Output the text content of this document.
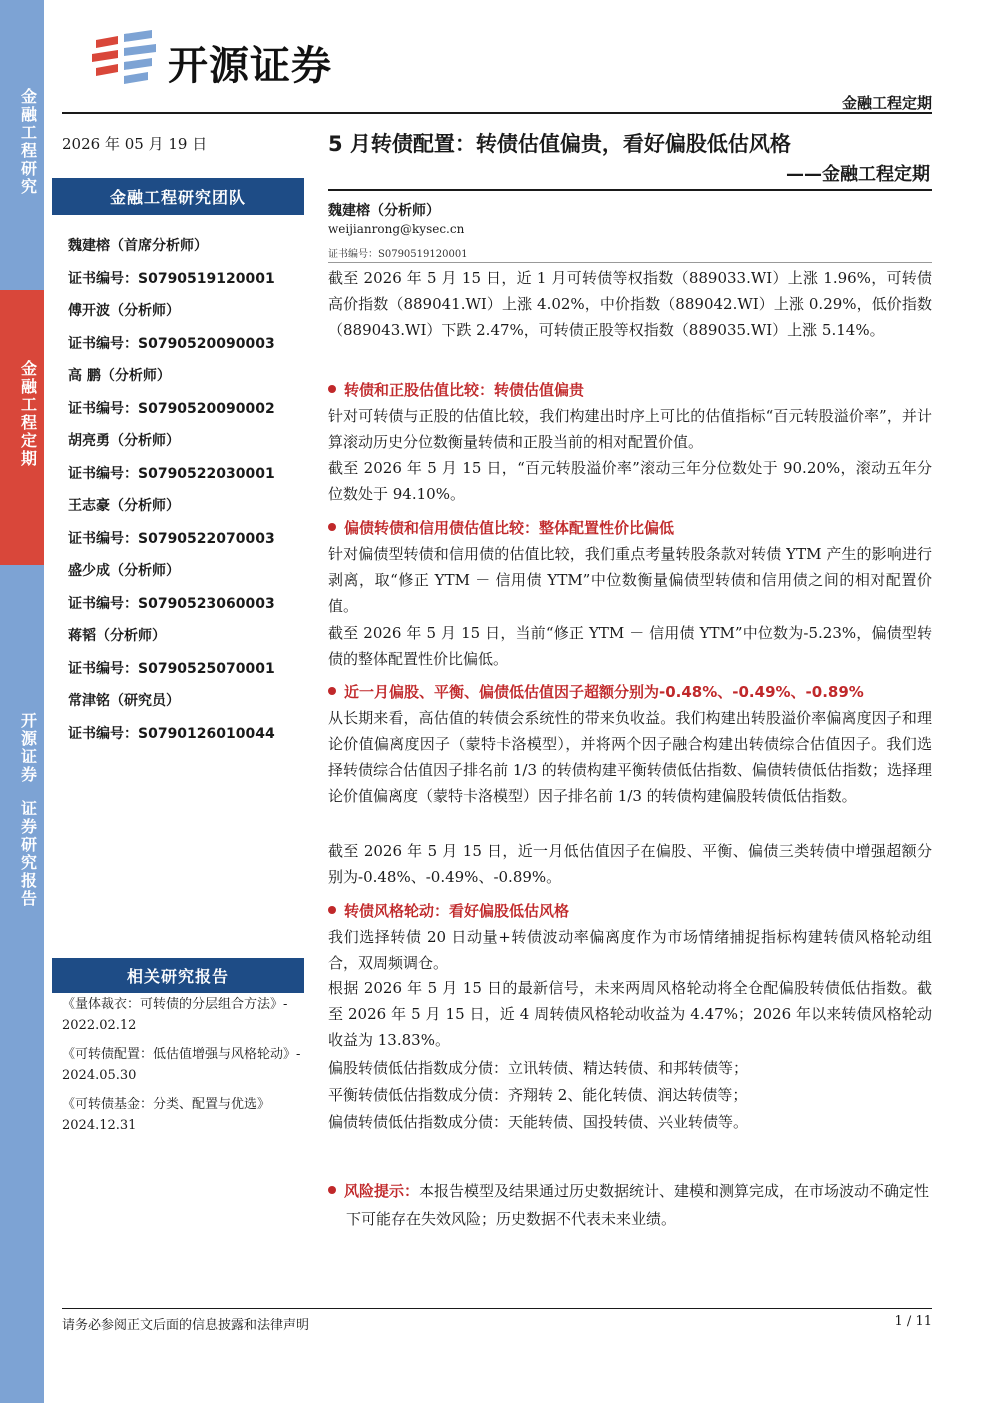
金融工程研究
金融工程定期
开源证券
证券研究报告
开源证券
金融工程定期
2026 年 05 月 19 日
金融工程研究团队
魏建榕（首席分析师）
证书编号：S0790519120001
傅开波（分析师）
证书编号：S0790520090003
高 鹏（分析师）
证书编号：S0790520090002
胡亮勇（分析师）
证书编号：S0790522030001
王志豪（分析师）
证书编号：S0790522070003
盛少成（分析师）
证书编号：S0790523060003
蒋韬（分析师）
证书编号：S0790525070001
常津铭（研究员）
证书编号：S0790126010044
相关研究报告
《量体裁衣：可转债的分层组合方法》- 2022.02.12
《可转债配置：低估值增强与风格轮动》- 2024.05.30
《可转债基金：分类、配置与优选》 2024.12.31
5 月转债配置：转债估值偏贵，看好偏股低估风格
——金融工程定期
魏建榕（分析师）
weijianrong@kysec.cn
证书编号：S0790519120001
截至 2026 年 5 月 15 日，近 1 月可转债等权指数（889033.WI）上涨 1.96%，可转债高价指数（889041.WI）上涨 4.02%，中价指数（889042.WI）上涨 0.29%，低价指数（889043.WI）下跌 2.47%，可转债正股等权指数（889035.WI）上涨 5.14%。
转债和正股估值比较：转债估值偏贵
针对可转债与正股的估值比较，我们构建出时序上可比的估值指标“百元转股溢价率”，并计算滚动历史分位数衡量转债和正股当前的相对配置价值。
截至 2026 年 5 月 15 日，“百元转股溢价率”滚动三年分位数处于 90.20%，滚动五年分位数处于 94.10%。
偏债转债和信用债估值比较：整体配置性价比偏低
针对偏债型转债和信用债的估值比较，我们重点考量转股条款对转债 YTM 产生的影响进行剥离，取“修正 YTM － 信用债 YTM”中位数衡量偏债型转债和信用债之间的相对配置价值。
截至 2026 年 5 月 15 日，当前“修正 YTM － 信用债 YTM”中位数为-5.23%，偏债型转债的整体配置性价比偏低。
近一月偏股、平衡、偏债低估值因子超额分别为-0.48%、-0.49%、-0.89%
从长期来看，高估值的转债会系统性的带来负收益。我们构建出转股溢价率偏离度因子和理论价值偏离度因子（蒙特卡洛模型），并将两个因子融合构建出转债综合估值因子。我们选择转债综合估值因子排名前 1/3 的转债构建平衡转债低估指数、偏债转债低估指数；选择理论价值偏离度（蒙特卡洛模型）因子排名前 1/3 的转债构建偏股转债低估指数。
截至 2026 年 5 月 15 日，近一月低估值因子在偏股、平衡、偏债三类转债中增强超额分别为-0.48%、-0.49%、-0.89%。
转债风格轮动：看好偏股低估风格
我们选择转债 20 日动量+转债波动率偏离度作为市场情绪捕捉指标构建转债风格轮动组合，双周频调仓。
根据 2026 年 5 月 15 日的最新信号，未来两周风格轮动将全仓配偏股转债低估指数。截至 2026 年 5 月 15 日，近 4 周转债风格轮动收益为 4.47%；2026 年以来转债风格轮动收益为 13.83%。
偏股转债低估指数成分债：立讯转债、精达转债、和邦转债等；
平衡转债低估指数成分债：齐翔转 2、能化转债、润达转债等；
偏债转债低估指数成分债：天能转债、国投转债、兴业转债等。
风险提示：本报告模型及结果通过历史数据统计、建模和测算完成，在市场波动不确定性下可能存在失效风险；历史数据不代表未来业绩。
请务必参阅正文后面的信息披露和法律声明	1 / 11
